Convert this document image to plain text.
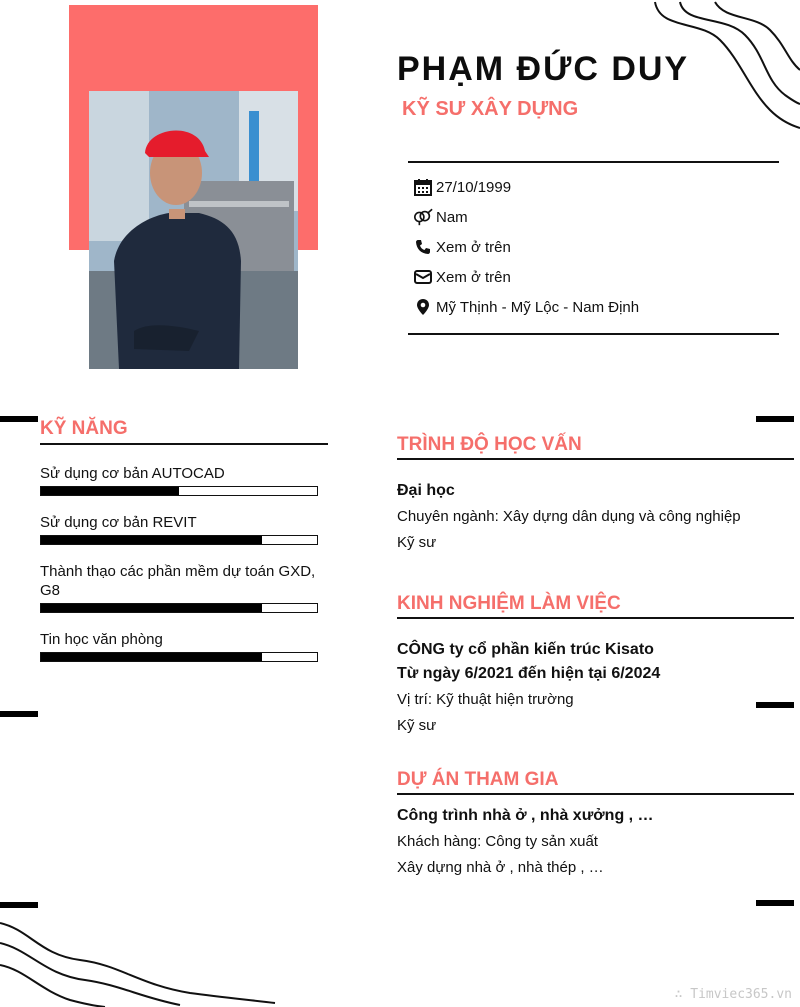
PHẠM ĐỨC DUY
KỸ SƯ XÂY DỰNG
27/10/1999
Nam
Xem ở trên
Xem ở trên
Mỹ Thịnh - Mỹ Lộc - Nam Định
KỸ NĂNG
Sử dụng cơ bản AUTOCAD
Sử dụng cơ bản REVIT
Thành thạo các phần mềm dự toán GXD, G8
Tin học văn phòng
TRÌNH ĐỘ HỌC VẤN
Đại học
Chuyên ngành: Xây dựng dân dụng và công nghiệp
Kỹ sư
KINH NGHIỆM LÀM VIỆC
CÔNG ty cổ phần kiến trúc Kisato
Từ ngày 6/2021 đến hiện tại 6/2024
Vị trí: Kỹ thuật hiện trường
Kỹ sư
DỰ ÁN THAM GIA
Công trình nhà ở , nhà xưởng , …
Khách hàng: Công ty sản xuất
Xây dựng nhà ở , nhà thép , …
∴ Timviec365.vn
